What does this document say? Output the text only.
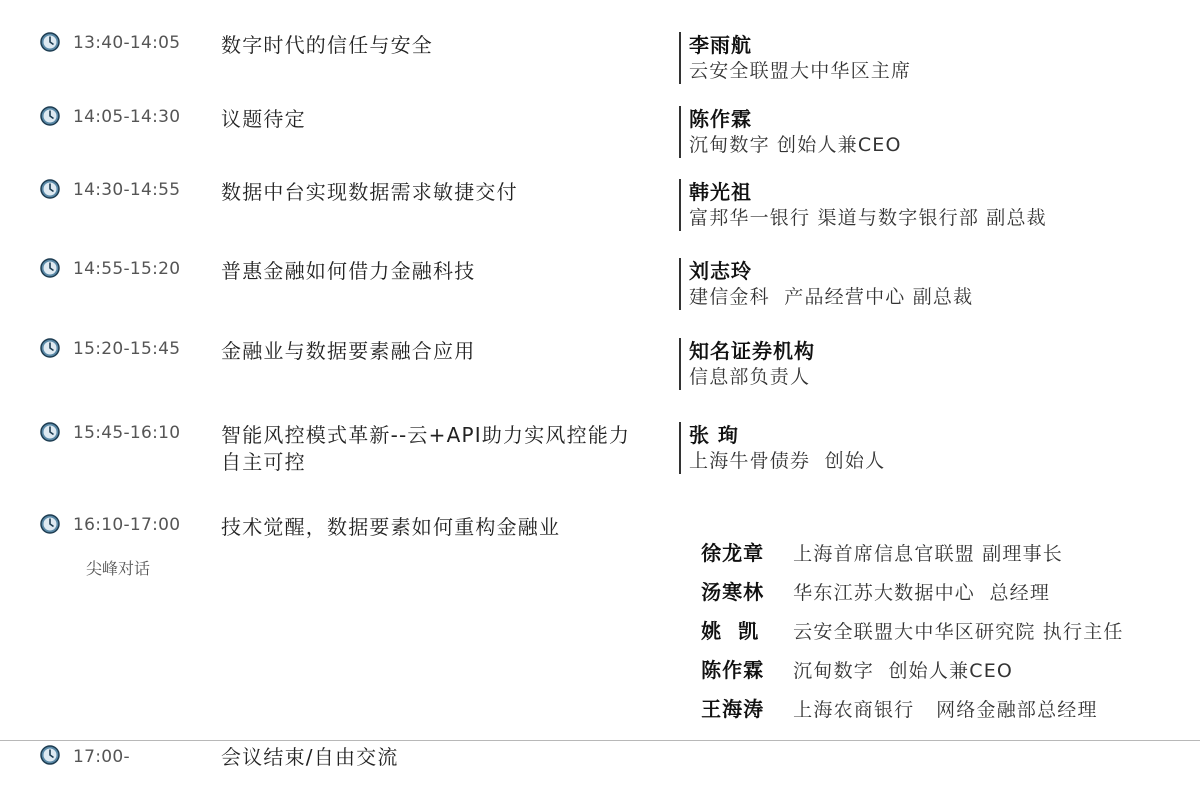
13:40-14:05 数字时代的信任与安全	李雨航
云安全联盟大中华区主席
14:05-14:30 议题待定	陈作霖
沉甸数字 创始人兼CEO
14:30-14:55 数据中台实现数据需求敏捷交付	韩光祖
富邦华一银行 渠道与数字银行部 副总裁
14:55-15:20 普惠金融如何借力金融科技	刘志玲
建信金科  产品经营中心 副总裁
15:20-15:45 金融业与数据要素融合应用	知名证券机构
信息部负责人
15:45-16:10 智能风控模式革新--云+API助力实风控能力自主可控
张 珣
上海牛骨债券  创始人
16:10-17:00
尖峰对话
技术觉醒，数据要素如何重构金融业

徐龙章 上海首席信息官联盟 副理事长

汤寒林 华东江苏大数据中心  总经理

姚  凯 云安全联盟大中华区研究院 执行主任

陈作霖 沉甸数字  创始人兼CEO

王海涛 上海农商银行   网络金融部总经理

17:00-	会议结束/自由交流
